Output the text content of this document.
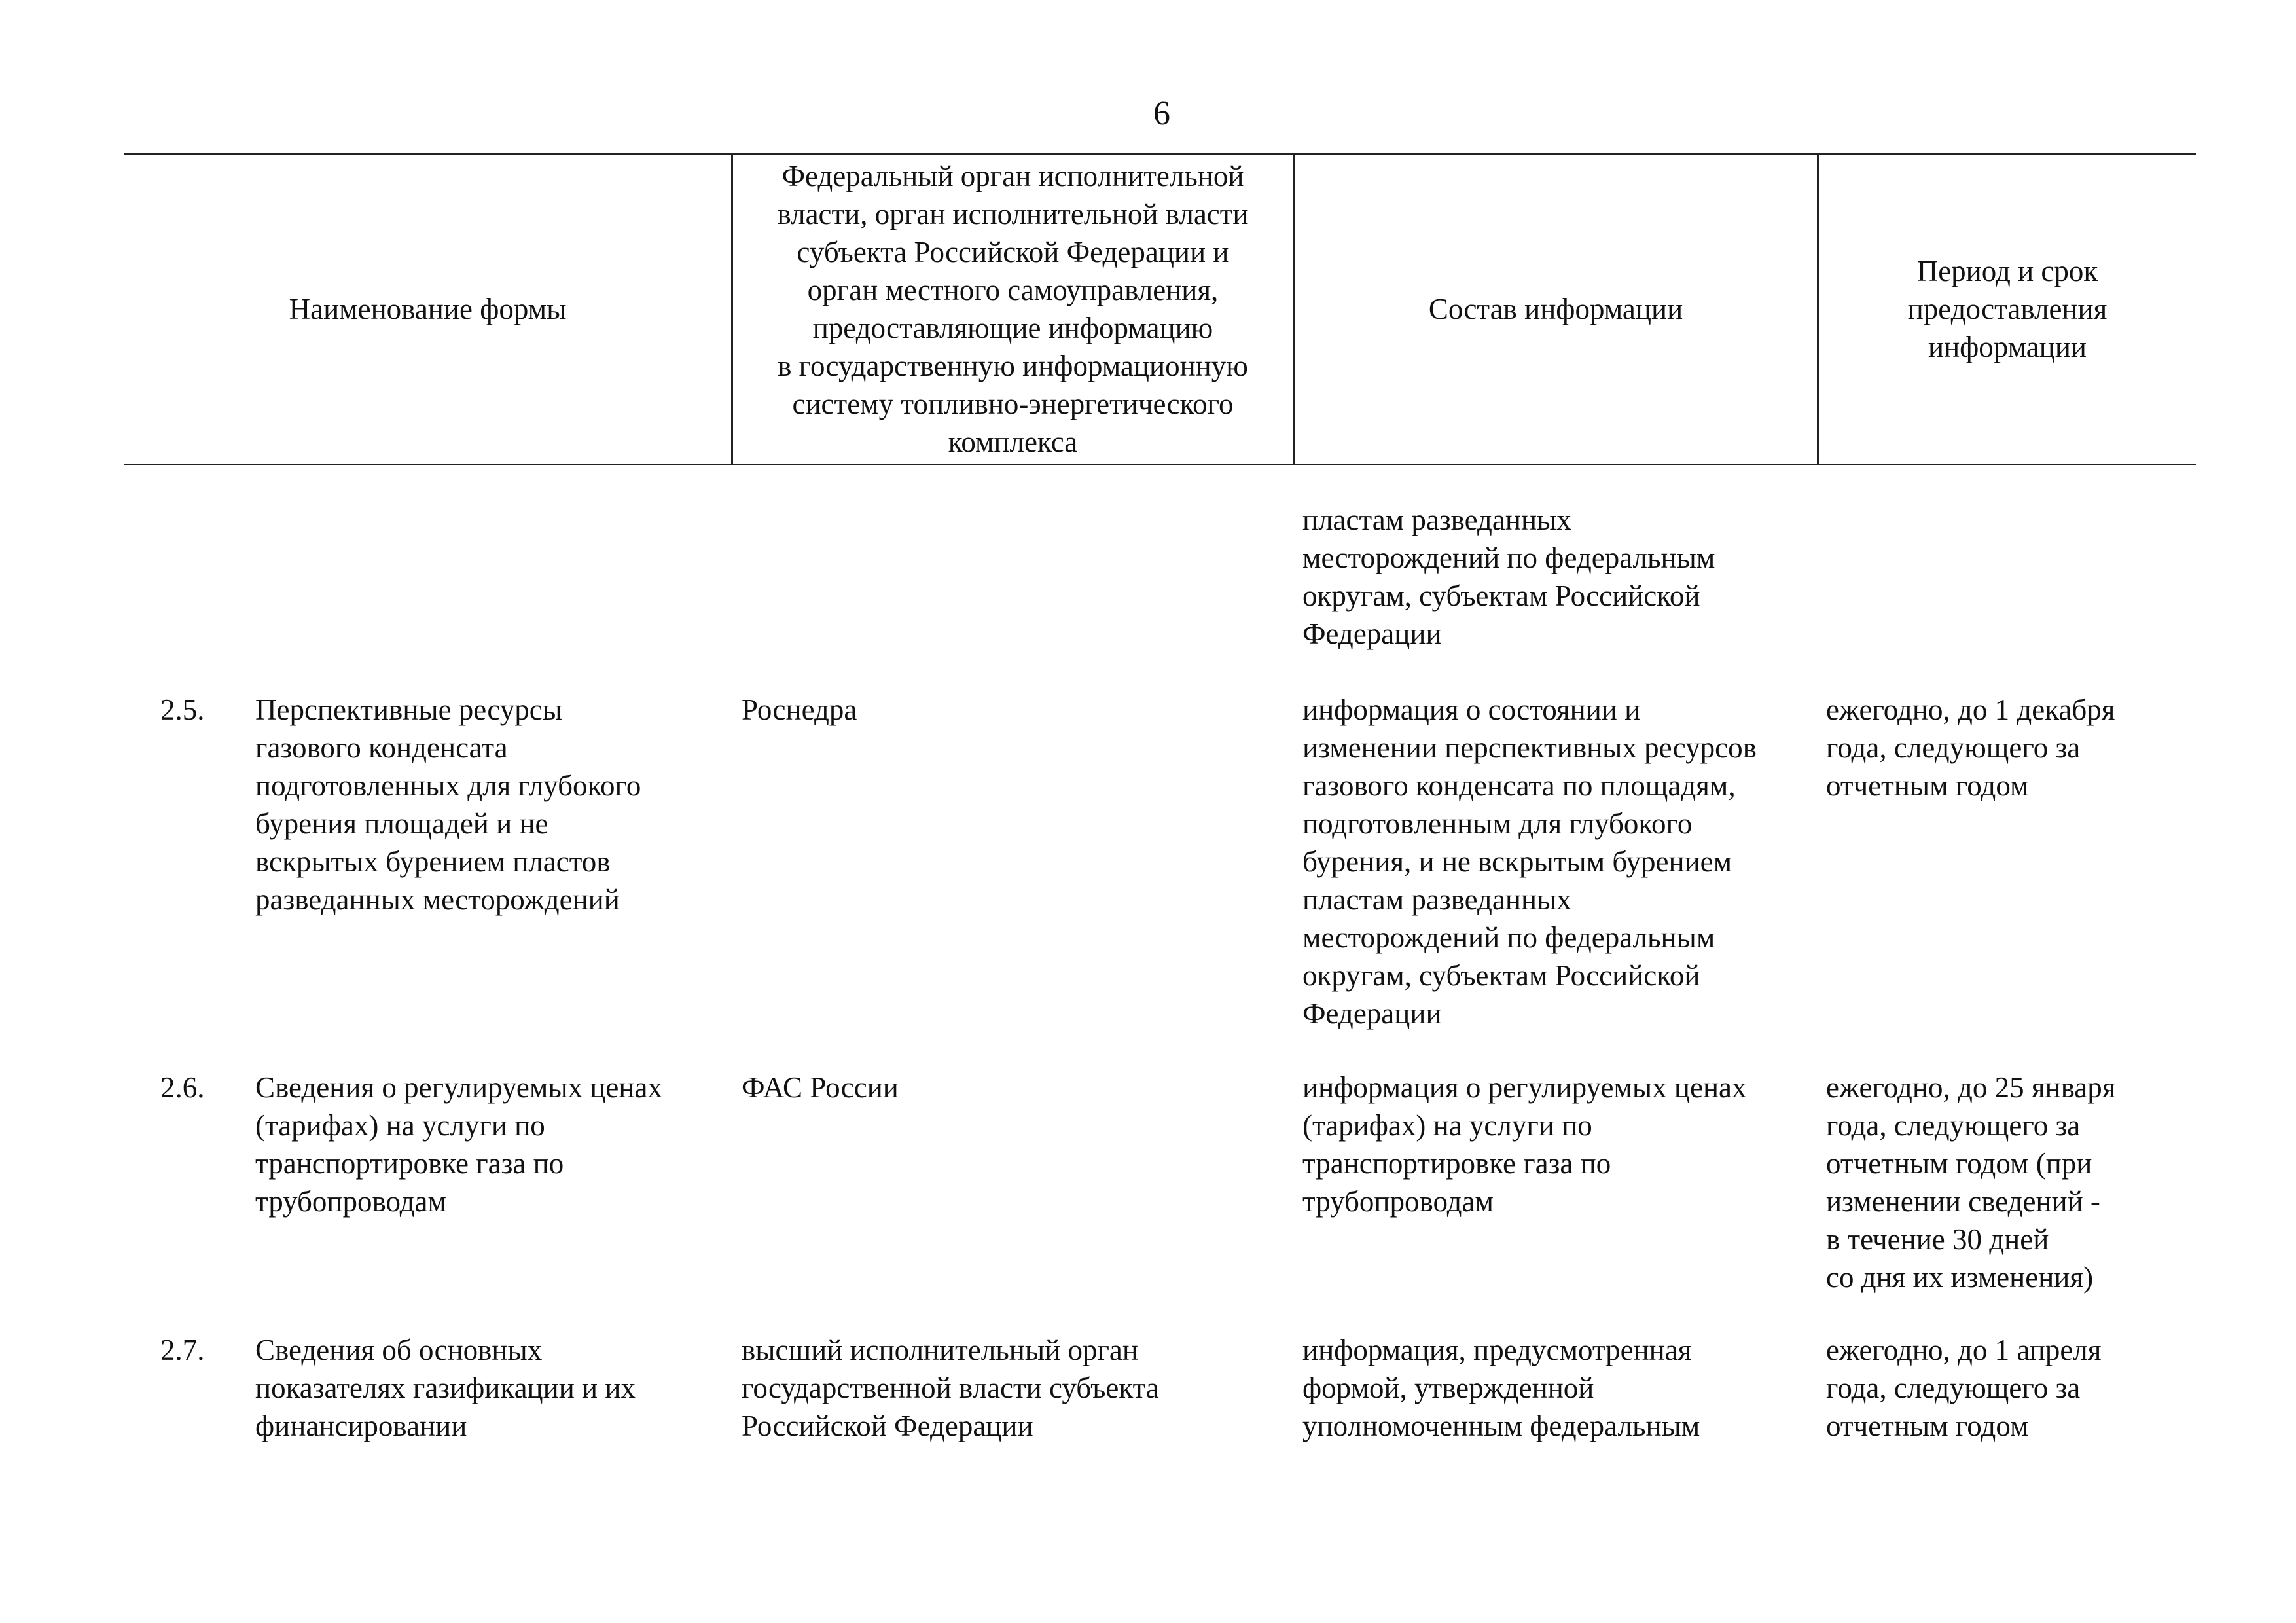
6
Наименование формы
Федеральный орган исполнительной
власти, орган исполнительной власти
субъекта Российской Федерации и
орган местного самоуправления,
предоставляющие информацию
в государственную информационную
систему топливно-энергетического
комплекса
Состав информации
Период и срок
предоставления
информации
пластам разведанных
месторождений по федеральным
округам, субъектам Российской
Федерации
2.5. Перспективные ресурсы
газового конденсата
подготовленных для глубокого
бурения площадей и не
вскрытых бурением пластов
разведанных месторождений
Роснедра	информация о состоянии и
изменении перспективных ресурсов
газового конденсата по площадям,
подготовленным для глубокого
бурения, и не вскрытым бурением
пластам разведанных
месторождений по федеральным
округам, субъектам Российской
Федерации
ежегодно, до 1 декабря
года, следующего за
отчетным годом
2.6. Сведения о регулируемых ценах
(тарифах) на услуги по
транспортировке газа по
трубопроводам
ФАС России	информация о регулируемых ценах
(тарифах) на услуги по
транспортировке газа по
трубопроводам
ежегодно, до 25 января
года, следующего за
отчетным годом (при
изменении сведений -
в течение 30 дней
со дня их изменения)
2.7. Сведения об основных
показателях газификации и их
финансировании
высший исполнительный орган
государственной власти субъекта
Российской Федерации
информация, предусмотренная
формой, утвержденной
уполномоченным федеральным
ежегодно, до 1 апреля
года, следующего за
отчетным годом
